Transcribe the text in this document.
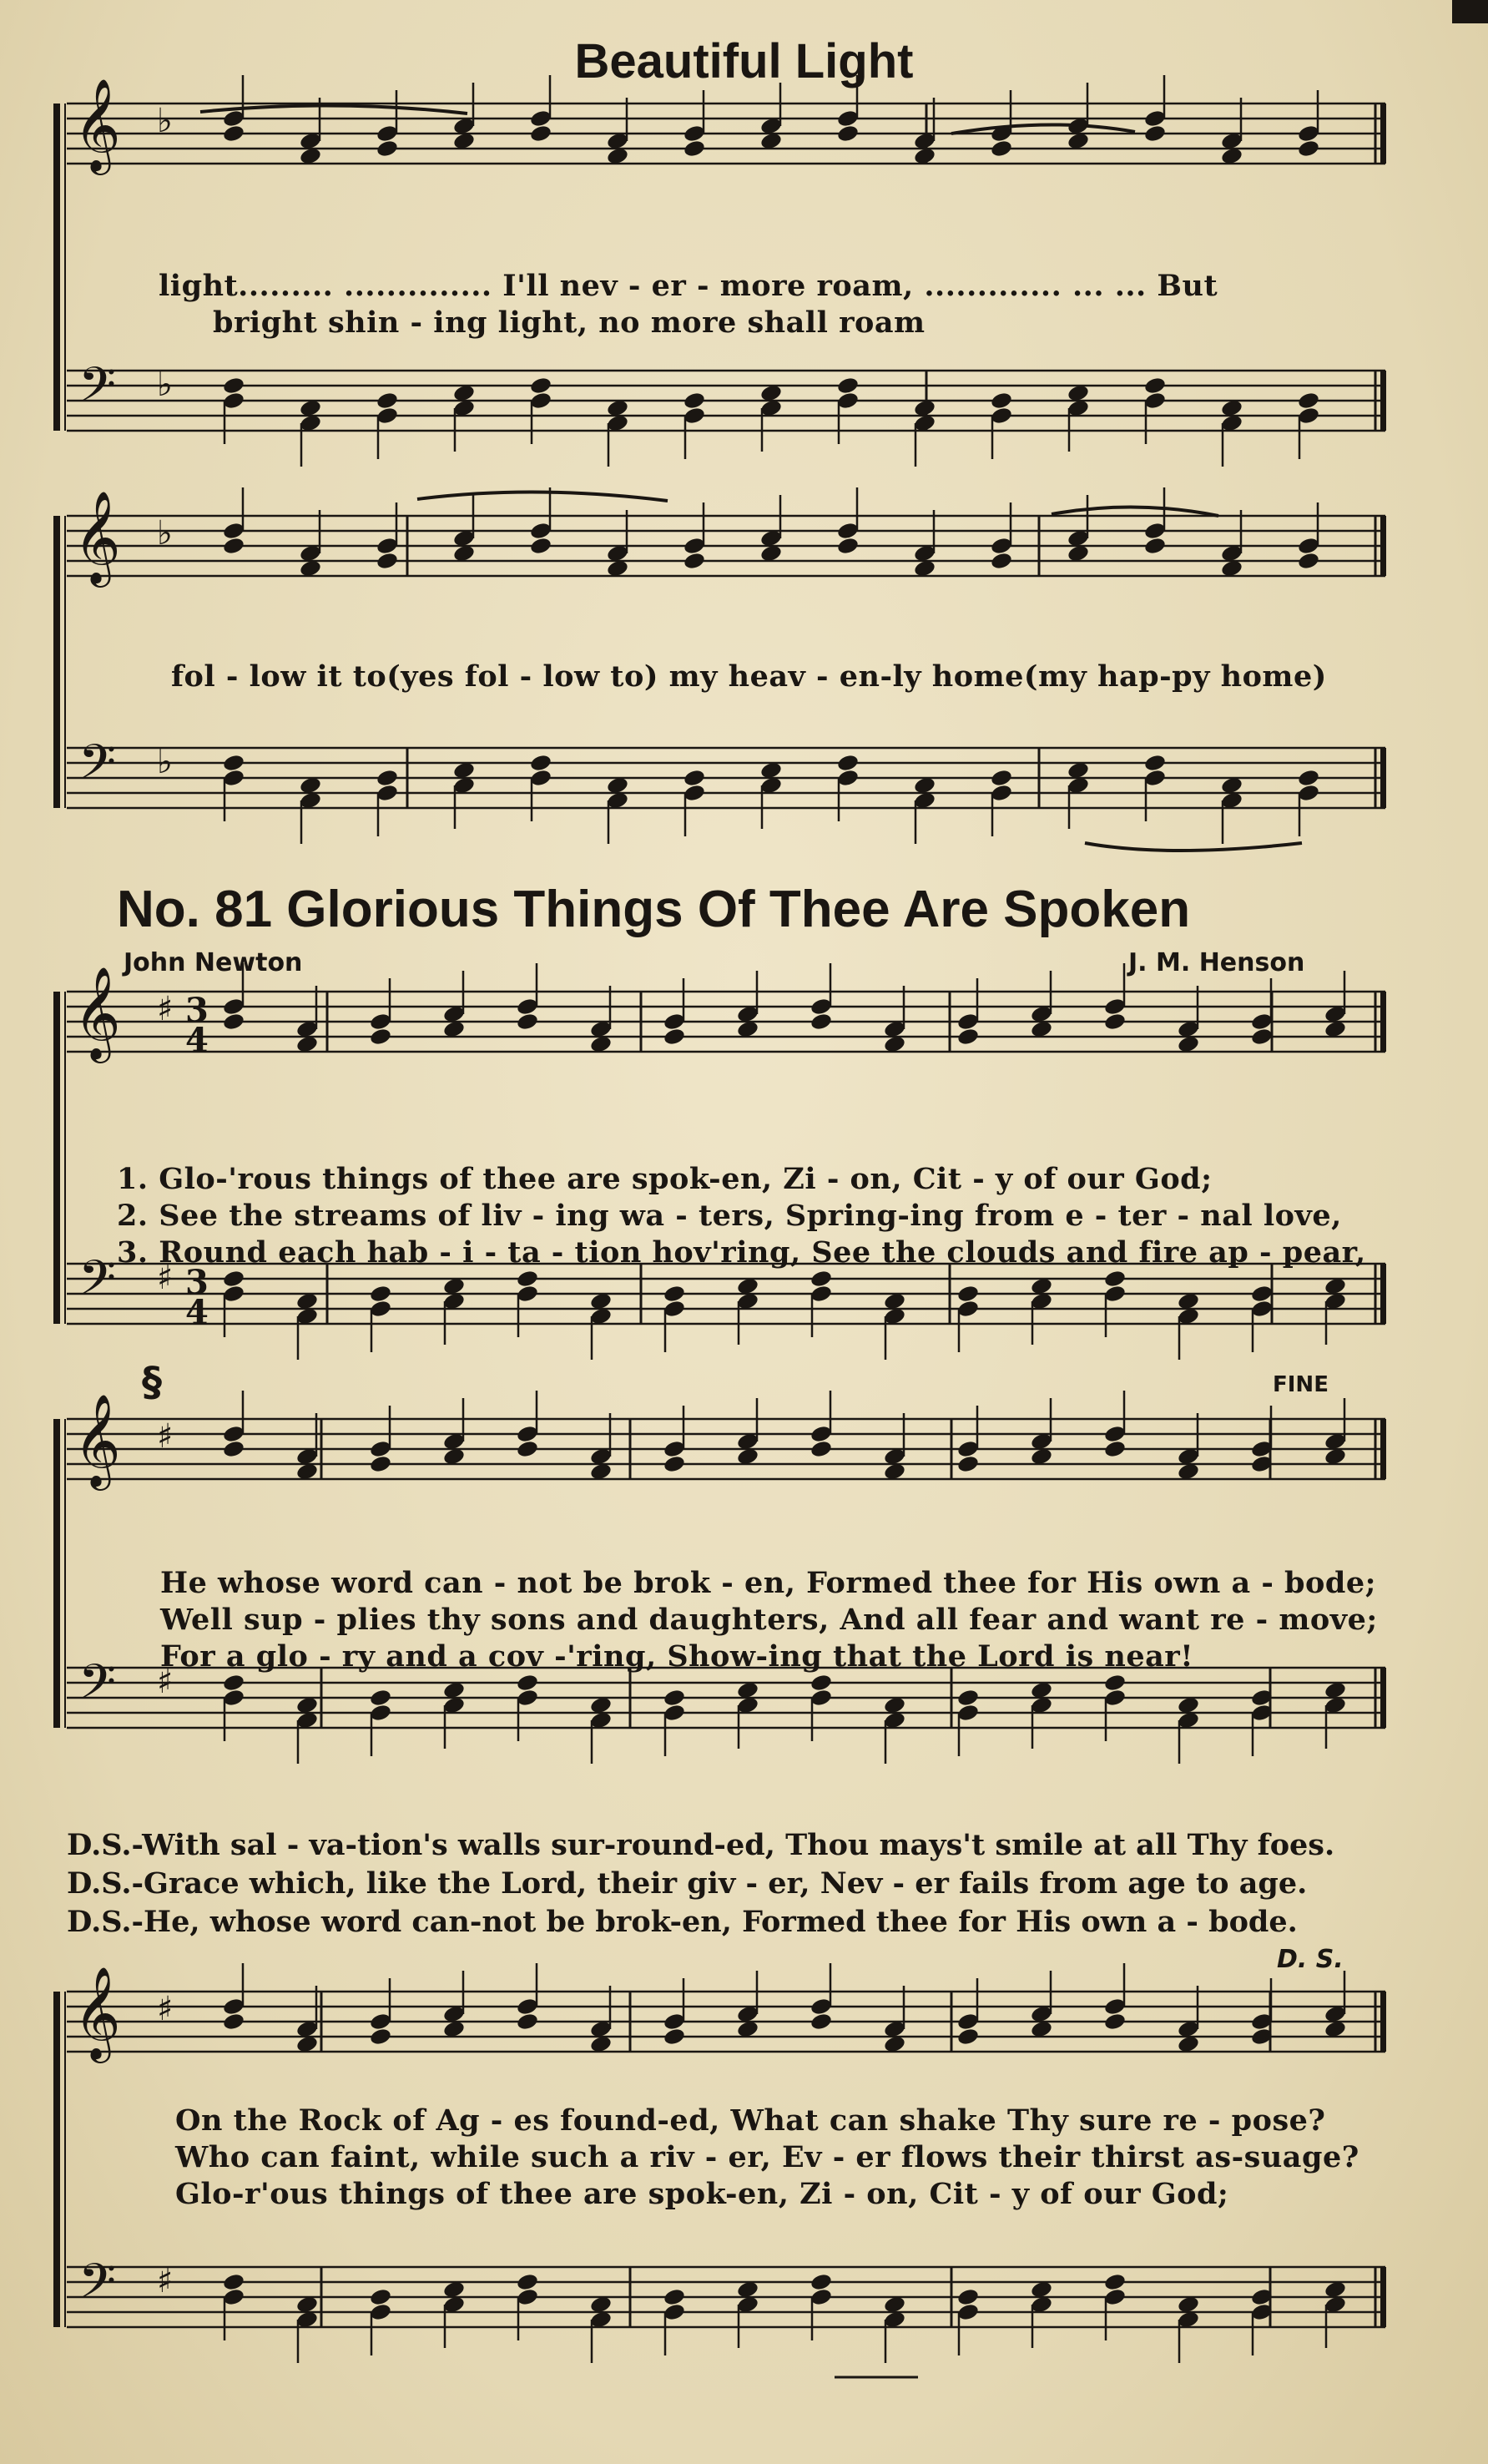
𝄞
𝄢
♭
♭
𝄞
𝄢
♭
♭
𝄞
𝄢
♯
♯
3
4
3
4
𝄞
𝄢
♯
♯
𝄞
𝄢
♯
♯
Beautiful Light
light......... .............. I'll nev - er - more roam, ............. ... ... But
bright shin - ing light, no more shall roam
fol - low it to(yes fol - low to) my heav - en-ly home(my hap-py home)
No. 81 Glorious Things Of Thee Are Spoken
John Newton	J. M. Henson
1. Glo-'rous things of thee are spok-en, Zi - on, Cit - y of our God;
2. See the streams of liv - ing wa - ters, Spring-ing from e - ter - nal love,
3. Round each hab - i - ta - tion hov'ring, See the clouds and fire ap - pear,
§	FINE
He whose word can - not be brok - en, Formed thee for His own a - bode;
Well sup - plies thy sons and daughters, And all fear and want re - move;
For a glo - ry and a cov -'ring, Show-ing that the Lord is near!
D.S.-With sal - va-tion's walls sur-round-ed, Thou mays't smile at all Thy foes.
D.S.-Grace which, like the Lord, their giv - er, Nev - er fails from age to age.
D.S.-He, whose word can-not be brok-en, Formed thee for His own a - bode.
D. S.
On the Rock of Ag - es found-ed, What can shake Thy sure re - pose?
Who can faint, while such a riv - er, Ev - er flows their thirst as-suage?
Glo-r'ous things of thee are spok-en, Zi - on, Cit - y of our God;
